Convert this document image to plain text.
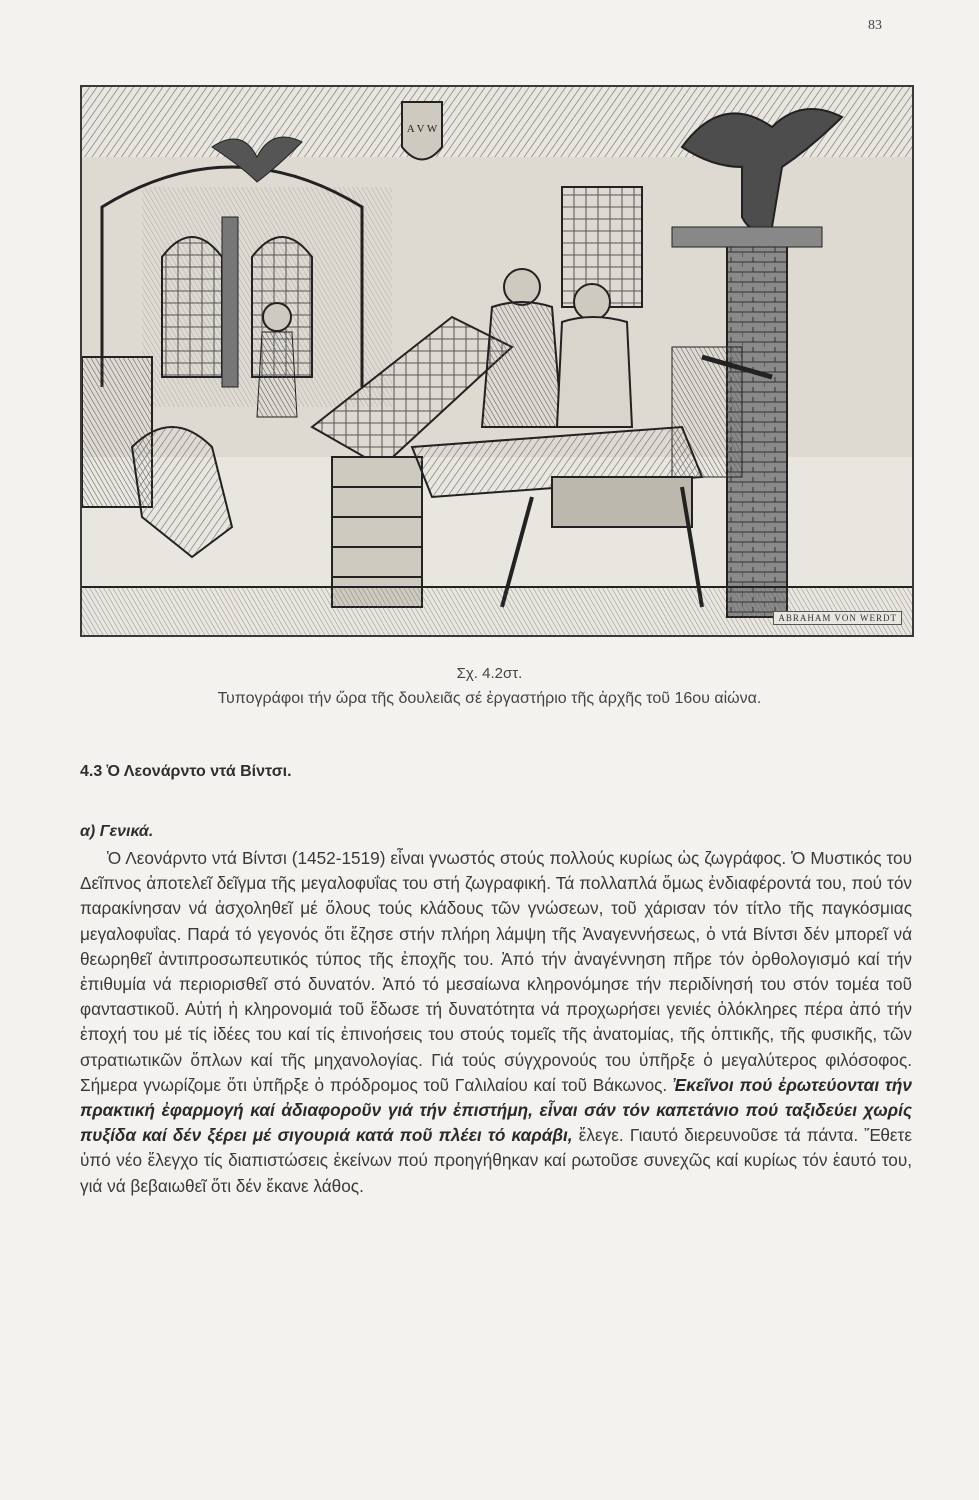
83
A V W
ABRAHAM VON WERDT
Σχ. 4.2στ.
Τυπογράφοι τήν ὥρα τῆς δουλειᾶς σέ ἐργαστήριο τῆς ἀρχῆς τοῦ 16ου αἰώνα.
4.3 Ὁ Λεονάρντο ντά Βίντσι.
α) Γενικά.

Ὁ Λεονάρντο ντά Βίντσι (1452-1519) εἶναι γνωστός στούς πολλούς κυρίως ὡς ζωγράφος. Ὁ Μυστικός του Δεῖπνος ἀποτελεῖ δεῖγμα τῆς μεγαλοφυΐας του στή ζωγραφική. Τά πολλαπλά ὅμως ἐνδιαφέροντά του, πού τόν παρακίνησαν νά ἀσχοληθεῖ μέ ὅλους τούς κλάδους τῶν γνώσεων, τοῦ χάρισαν τόν τίτλο τῆς παγκόσμιας μεγαλοφυΐας. Παρά τό γεγονός ὅτι ἔζησε στήν πλήρη λάμψη τῆς Ἀναγεννήσεως, ὁ ντά Βίντσι δέν μπορεῖ νά θεωρηθεῖ ἀντιπροσωπευτικός τύπος τῆς ἐποχῆς του. Ἀπό τήν ἀναγέννηση πῆρε τόν ὀρθολογισμό καί τήν ἐπιθυμία νά περιορισθεῖ στό δυνατόν. Ἀπό τό μεσαίωνα κληρονόμησε τήν περιδίνησή του στόν τομέα τοῦ φανταστικοῦ. Αὐτή ἡ κληρονομιά τοῦ ἔδωσε τή δυνατότητα νά προχωρήσει γενιές ὁλόκληρες πέρα ἀπό τήν ἐποχή του μέ τίς ἰδέες του καί τίς ἐπινοήσεις του στούς τομεῖς τῆς ἀνατομίας, τῆς ὀπτικῆς, τῆς φυσικῆς, τῶν στρατιωτικῶν ὅπλων καί τῆς μηχανολογίας. Γιά τούς σύγχρονούς του ὑπῆρξε ὁ μεγαλύτερος φιλόσοφος. Σήμερα γνωρίζομε ὅτι ὑπῆρξε ὁ πρόδρομος τοῦ Γαλιλαίου καί τοῦ Βάκωνος. Ἐκεῖνοι πού ἐρωτεύονται τήν πρακτική ἐφαρμογή καί ἀδιαφοροῦν γιά τήν ἐπιστήμη, εἶναι σάν τόν καπετάνιο πού ταξιδεύει χωρίς πυξίδα καί δέν ξέρει μέ σιγουριά κατά ποῦ πλέει τό καράβι, ἔλεγε. Γιαυτό διερευνοῦσε τά πάντα. Ἔθετε ὑπό νέο ἔλεγχο τίς διαπιστώσεις ἐκείνων πού προηγήθηκαν καί ρωτοῦσε συνεχῶς καί κυρίως τόν ἑαυτό του, γιά νά βεβαιωθεῖ ὅτι δέν ἔκανε λάθος.
